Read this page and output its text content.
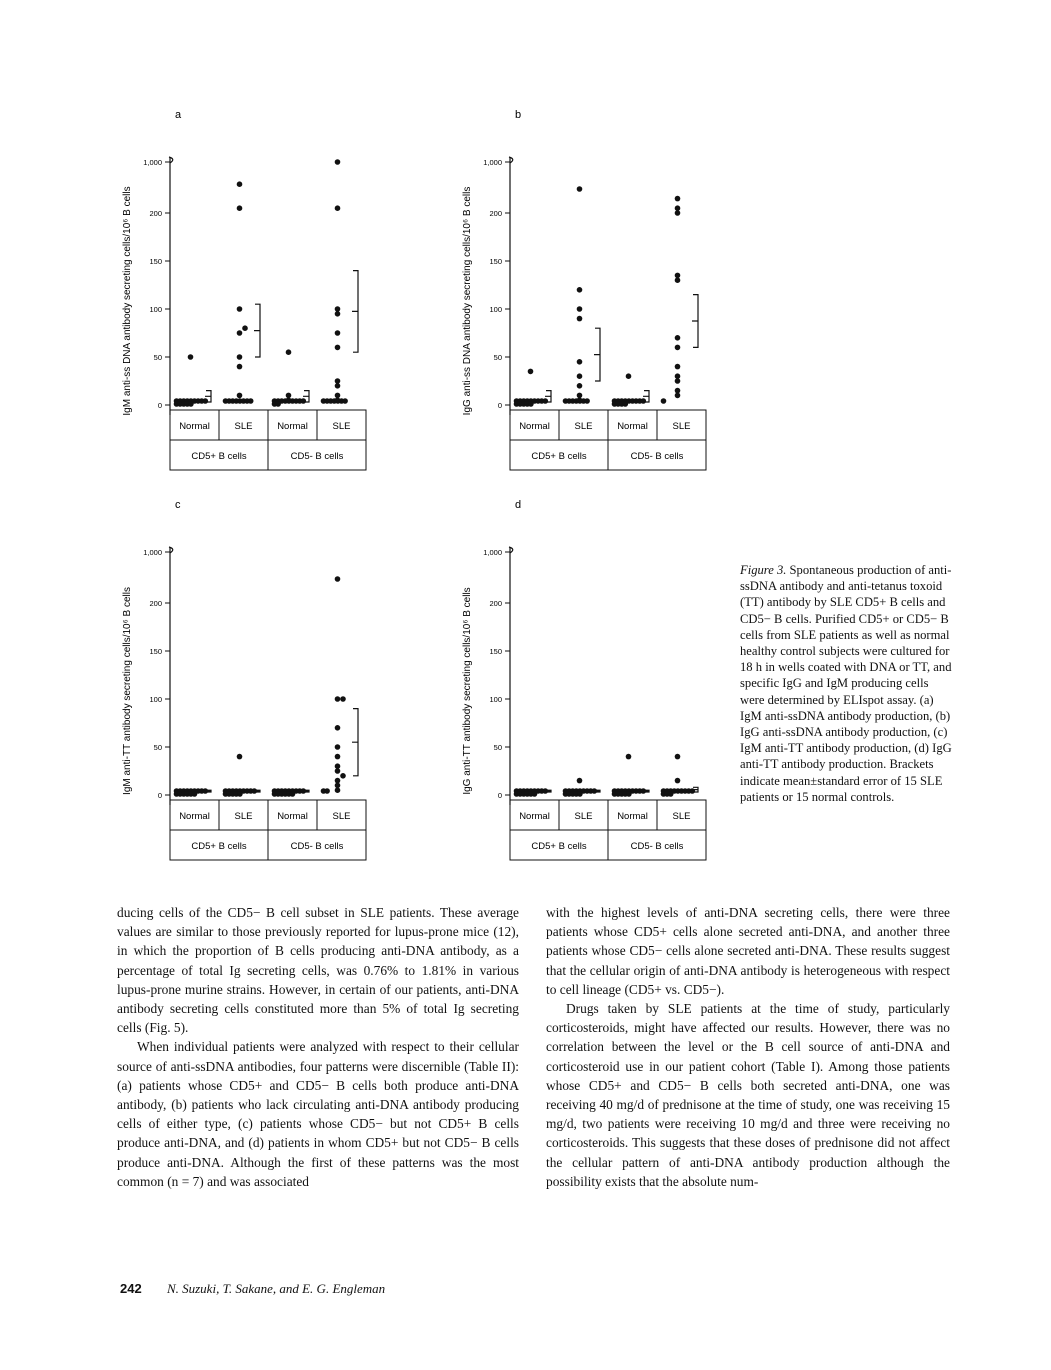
a
IgM anti-ss DNA antibody secreting cells/10⁶ B cells
1,000
200
150
100
50
0
Normal	SLE	Normal	SLE
CD5+ B cells	CD5- B cells
b
IgG anti-ss DNA antibody secreting cells/10⁶ B cells
1,000
200
150
100
50
0
Normal	SLE	Normal	SLE
CD5+ B cells	CD5- B cells
c
IgM anti-TT antibody secreting cells/10⁶ B cells
1,000
200
150
100
50
0
Normal	SLE	Normal	SLE
CD5+ B cells	CD5- B cells
d
IgG anti-TT antibody secreting cells/10⁶ B cells
1,000
200
150
100
50
0
Normal	SLE	Normal	SLE
CD5+ B cells	CD5- B cells
Figure 3. Spontaneous production of anti-ssDNA antibody and anti-tetanus toxoid (TT) antibody by SLE CD5+ B cells and CD5− B cells. Purified CD5+ or CD5− B cells from SLE patients as well as normal healthy control subjects were cultured for 18 h in wells coated with DNA or TT, and specific IgG and IgM producing cells were determined by ELIspot assay. (a) IgM anti-ssDNA antibody production, (b) IgG anti-ssDNA antibody production, (c) IgM anti-TT antibody production, (d) IgG anti-TT antibody production. Brackets indicate mean±standard error of 15 SLE patients or 15 normal controls.

ducing cells of the CD5− B cell subset in SLE patients. These average values are similar to those previously reported for lupus-prone mice (12), in which the proportion of B cells producing anti-DNA antibody, as a percentage of total Ig secreting cells, was 0.76% to 1.81% in various lupus-prone murine strains. However, in certain of our patients, anti-DNA antibody secreting cells constituted more than 5% of total Ig secreting cells (Fig. 5).

When individual patients were analyzed with respect to their cellular source of anti-ssDNA antibodies, four patterns were discernible (Table II): (a) patients whose CD5+ and CD5− B cells both produce anti-DNA antibody, (b) patients who lack circulating anti-DNA antibody producing cells of either type, (c) patients whose CD5− but not CD5+ B cells produce anti-DNA, and (d) patients in whom CD5+ but not CD5− B cells produce anti-DNA. Although the first of these patterns was the most common (n = 7) and was associated

with the highest levels of anti-DNA secreting cells, there were three patients whose CD5+ cells alone secreted anti-DNA, and another three patients whose CD5− cells alone secreted anti-DNA. These results suggest that the cellular origin of anti-DNA antibody is heterogeneous with respect to cell lineage (CD5+ vs. CD5−).

Drugs taken by SLE patients at the time of study, particularly corticosteroids, might have affected our results. However, there was no correlation between the level or the B cell source of anti-DNA and corticosteroid use in our patient cohort (Table I). Among those patients whose CD5+ and CD5− B cells both secreted anti-DNA, one was receiving 40 mg/d of prednisone at the time of study, one was receiving 15 mg/d, two patients were receiving 10 mg/d and three were receiving no corticosteroids. This suggests that these doses of prednisone did not affect the cellular pattern of anti-DNA antibody production although the possibility exists that the absolute num-

242 N. Suzuki, T. Sakane, and E. G. Engleman
